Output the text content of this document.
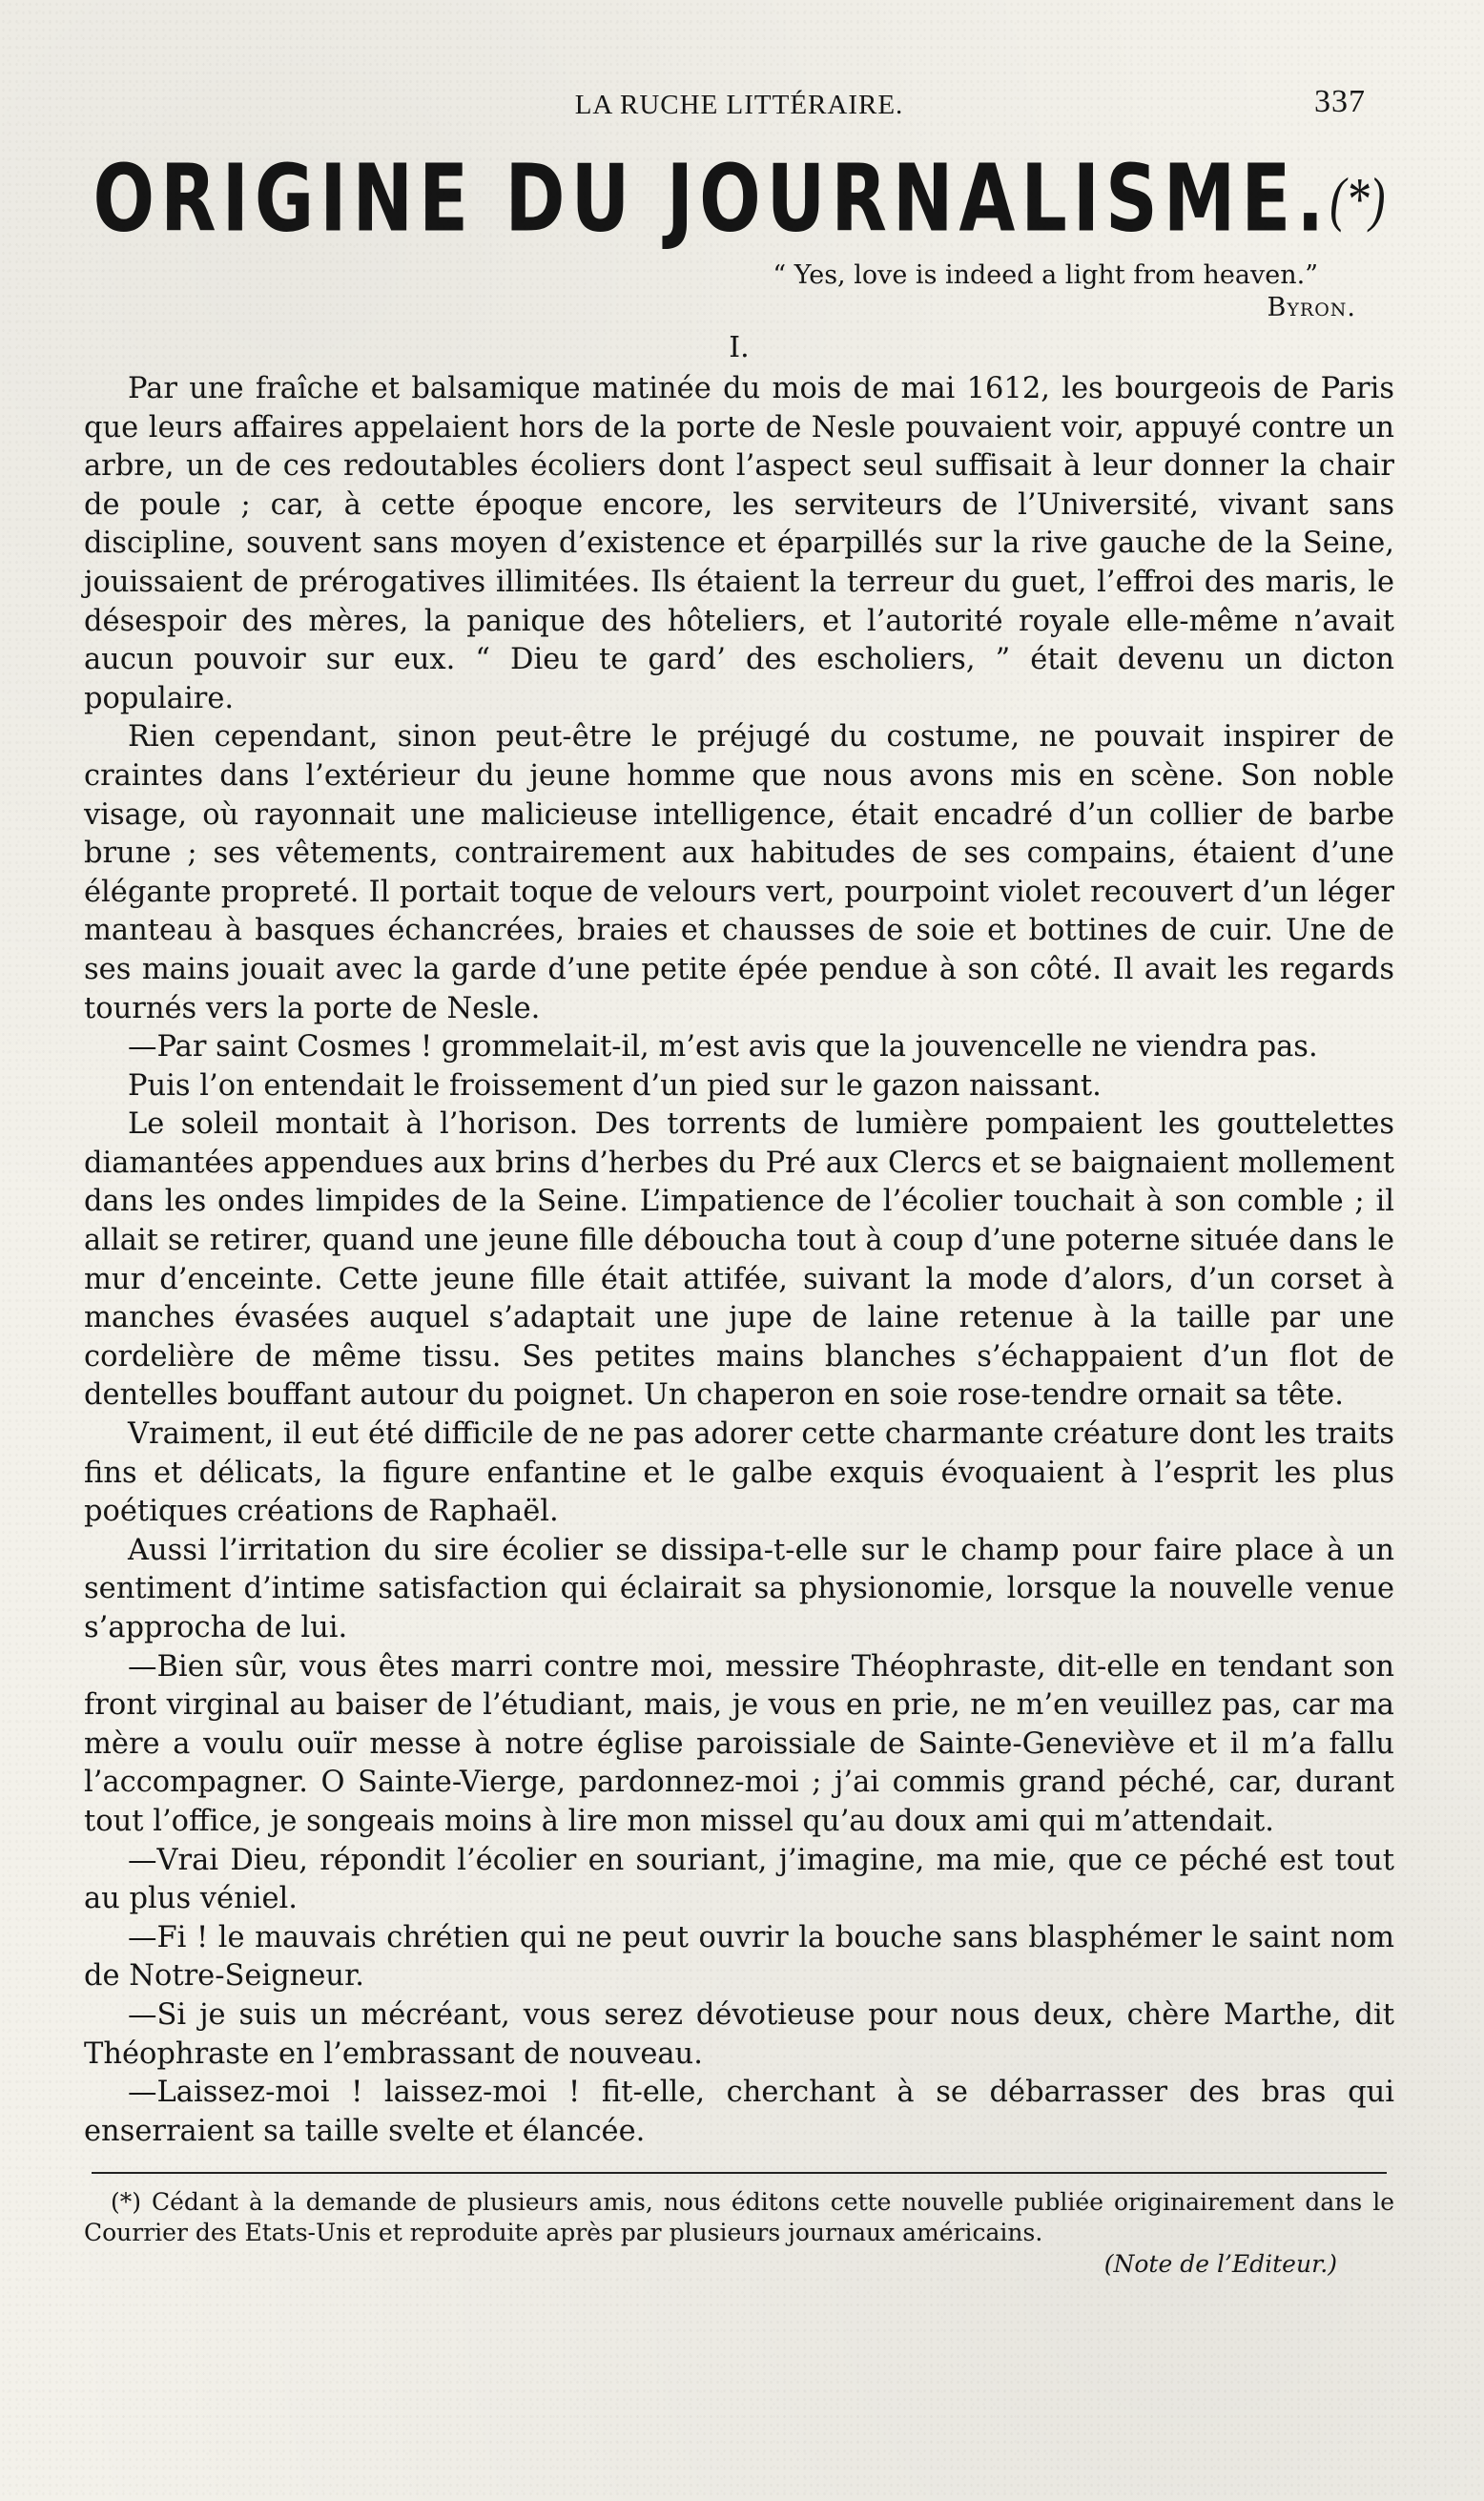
LA RUCHE LITTÉRAIRE.	337
ORIGINE DU JOURNALISME.(*)
“ Yes, love is indeed a light from heaven.”
Byron.
I.

Par une fraîche et balsamique matinée du mois de mai 1612, les bourgeois de Paris que leurs affaires appelaient hors de la porte de Nesle pouvaient voir, appuyé contre un arbre, un de ces redoutables écoliers dont l’aspect seul suffisait à leur donner la chair de poule ; car, à cette époque encore, les serviteurs de l’Université, vivant sans discipline, souvent sans moyen d’existence et éparpillés sur la rive gauche de la Seine, jouissaient de prérogatives illimitées. Ils étaient la terreur du guet, l’effroi des maris, le désespoir des mères, la panique des hôteliers, et l’autorité royale elle-même n’avait aucun pouvoir sur eux. “ Dieu te gard’ des escholiers, ” était devenu un dicton populaire.

Rien cependant, sinon peut-être le préjugé du costume, ne pouvait inspirer de craintes dans l’extérieur du jeune homme que nous avons mis en scène. Son noble visage, où rayonnait une malicieuse intelligence, était encadré d’un collier de barbe brune ; ses vêtements, contrairement aux habitudes de ses compains, étaient d’une élégante propreté. Il portait toque de velours vert, pourpoint violet recouvert d’un léger manteau à basques échancrées, braies et chausses de soie et bottines de cuir. Une de ses mains jouait avec la garde d’une petite épée pendue à son côté. Il avait les regards tournés vers la porte de Nesle.

—Par saint Cosmes ! grommelait-il, m’est avis que la jouvencelle ne viendra pas.

Puis l’on entendait le froissement d’un pied sur le gazon naissant.

Le soleil montait à l’horison. Des torrents de lumière pompaient les gouttelettes diamantées appendues aux brins d’herbes du Pré aux Clercs et se baignaient mollement dans les ondes limpides de la Seine. L’impatience de l’écolier touchait à son comble ; il allait se retirer, quand une jeune fille déboucha tout à coup d’une poterne située dans le mur d’enceinte. Cette jeune fille était attifée, suivant la mode d’alors, d’un corset à manches évasées auquel s’adaptait une jupe de laine retenue à la taille par une cordelière de même tissu. Ses petites mains blanches s’échappaient d’un flot de dentelles bouffant autour du poignet. Un chaperon en soie rose-tendre ornait sa tête.

Vraiment, il eut été difficile de ne pas adorer cette charmante créature dont les traits fins et délicats, la figure enfantine et le galbe exquis évoquaient à l’esprit les plus poétiques créations de Raphaël.

Aussi l’irritation du sire écolier se dissipa-t-elle sur le champ pour faire place à un sentiment d’intime satisfaction qui éclairait sa physionomie, lorsque la nouvelle venue s’approcha de lui.

—Bien sûr, vous êtes marri contre moi, messire Théophraste, dit-elle en tendant son front virginal au baiser de l’étudiant, mais, je vous en prie, ne m’en veuillez pas, car ma mère a voulu ouïr messe à notre église paroissiale de Sainte-Geneviève et il m’a fallu l’accompagner. O Sainte-Vierge, pardonnez-moi ; j’ai commis grand péché, car, durant tout l’office, je songeais moins à lire mon missel qu’au doux ami qui m’attendait.

—Vrai Dieu, répondit l’écolier en souriant, j’imagine, ma mie, que ce péché est tout au plus véniel.

—Fi ! le mauvais chrétien qui ne peut ouvrir la bouche sans blasphémer le saint nom de Notre-Seigneur.

—Si je suis un mécréant, vous serez dévotieuse pour nous deux, chère Marthe, dit Théophraste en l’embrassant de nouveau.

—Laissez-moi ! laissez-moi ! fit-elle, cherchant à se débarrasser des bras qui enserraient sa taille svelte et élancée.

(*) Cédant à la demande de plusieurs amis, nous éditons cette nouvelle publiée originairement dans le Courrier des Etats-Unis et reproduite après par plusieurs journaux américains.

(Note de l’Editeur.)
